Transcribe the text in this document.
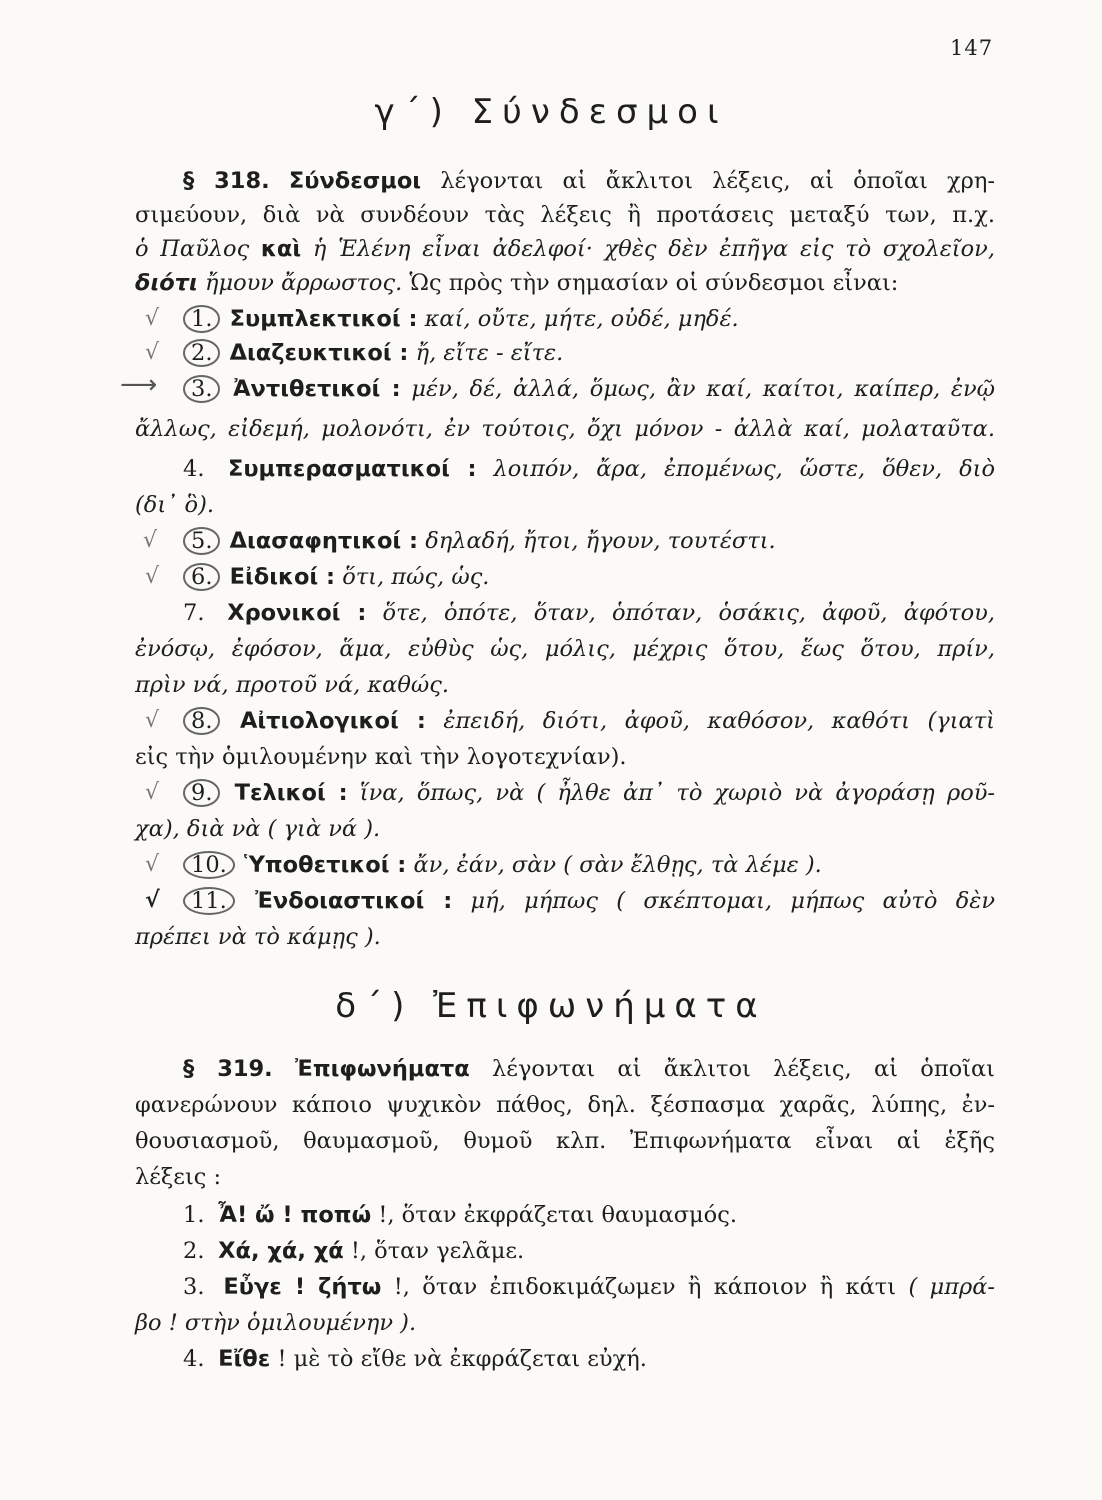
147
γ΄) Σύνδεσμοι
§ 318. Σύνδεσμοι λέγονται αἱ ἄκλιτοι λέξεις, αἱ ὁποῖαι χρη-
σιμεύουν, διὰ νὰ συνδέουν τὰς λέξεις ἢ προτάσεις μεταξύ των, π.χ.
ὁ Παῦλος καὶ ἡ Ἑλένη εἶναι ἀδελφοί· χθὲς δὲν ἐπῆγα εἰς τὸ σχολεῖον,
διότι ἤμουν ἄρρωστος. Ὡς πρὸς τὴν σημασίαν οἱ σύνδεσμοι εἶναι:
√	1. Συμπλεκτικοί : καί, οὔτε, μήτε, οὐδέ, μηδέ.
√	2. Διαζευκτικοί : ἤ, εἴτε - εἴτε.
⟶	3. Ἀντιθετικοί : μέν, δέ, ἀλλά, ὅμως, ἂν καί, καίτοι, καίπερ, ἐνῷ
ἄλλως, εἰδεμή, μολονότι, ἐν τούτοις, ὄχι μόνον - ἀλλὰ καί, μολαταῦτα.
4. Συμπερασματικοί : λοιπόν, ἄρα, ἐπομένως, ὥστε, ὅθεν, διὸ
(δι᾿ ὃ).
√	5. Διασαφητικοί : δηλαδή, ἤτοι, ἤγουν, τουτέστι.
√	6. Εἰδικοί : ὅτι, πώς, ὡς.
7. Χρονικοί : ὅτε, ὁπότε, ὅταν, ὁπόταν, ὁσάκις, ἀφοῦ, ἀφότου,
ἐνόσῳ, ἐφόσον, ἅμα, εὐθὺς ὡς, μόλις, μέχρις ὅτου, ἕως ὅτου, πρίν,
πρὶν νά, προτοῦ νά, καθώς.
√	8. Αἰτιολογικοί : ἐπειδή, διότι, ἀφοῦ, καθόσον, καθότι (γιατὶ
εἰς τὴν ὁμιλουμένην καὶ τὴν λογοτεχνίαν).
√	9. Τελικοί : ἵνα, ὅπως, νὰ ( ἦλθε ἀπ᾿ τὸ χωριὸ νὰ ἀγοράσῃ ροῦ-
χα), διὰ νὰ ( γιὰ νά ).
√	10. Ὑποθετικοί : ἄν, ἐάν, σὰν ( σὰν ἔλθῃς, τὰ λέμε ).
√	11. Ἐνδοιαστικοί : μή, μήπως ( σκέπτομαι, μήπως αὐτὸ δὲν
πρέπει νὰ τὸ κάμῃς ).
δ΄) Ἐπιφωνήματα
§ 319. Ἐπιφωνήματα λέγονται αἱ ἄκλιτοι λέξεις, αἱ ὁποῖαι
φανερώνουν κάποιο ψυχικὸν πάθος, δηλ. ξέσπασμα χαρᾶς, λύπης, ἐν-
θουσιασμοῦ, θαυμασμοῦ, θυμοῦ κλπ. Ἐπιφωνήματα εἶναι αἱ ἑξῆς
λέξεις :
1. Ἆ! ὤ ! ποπώ !, ὅταν ἐκφράζεται θαυμασμός.
2. Χά, χά, χά !, ὅταν γελᾶμε.
3. Εὖγε ! ζήτω !, ὅταν ἐπιδοκιμάζωμεν ἢ κάποιον ἢ κάτι ( μπρά-
βο ! στὴν ὁμιλουμένην ).
4. Εἴθε ! μὲ τὸ εἴθε νὰ ἐκφράζεται εὐχή.
